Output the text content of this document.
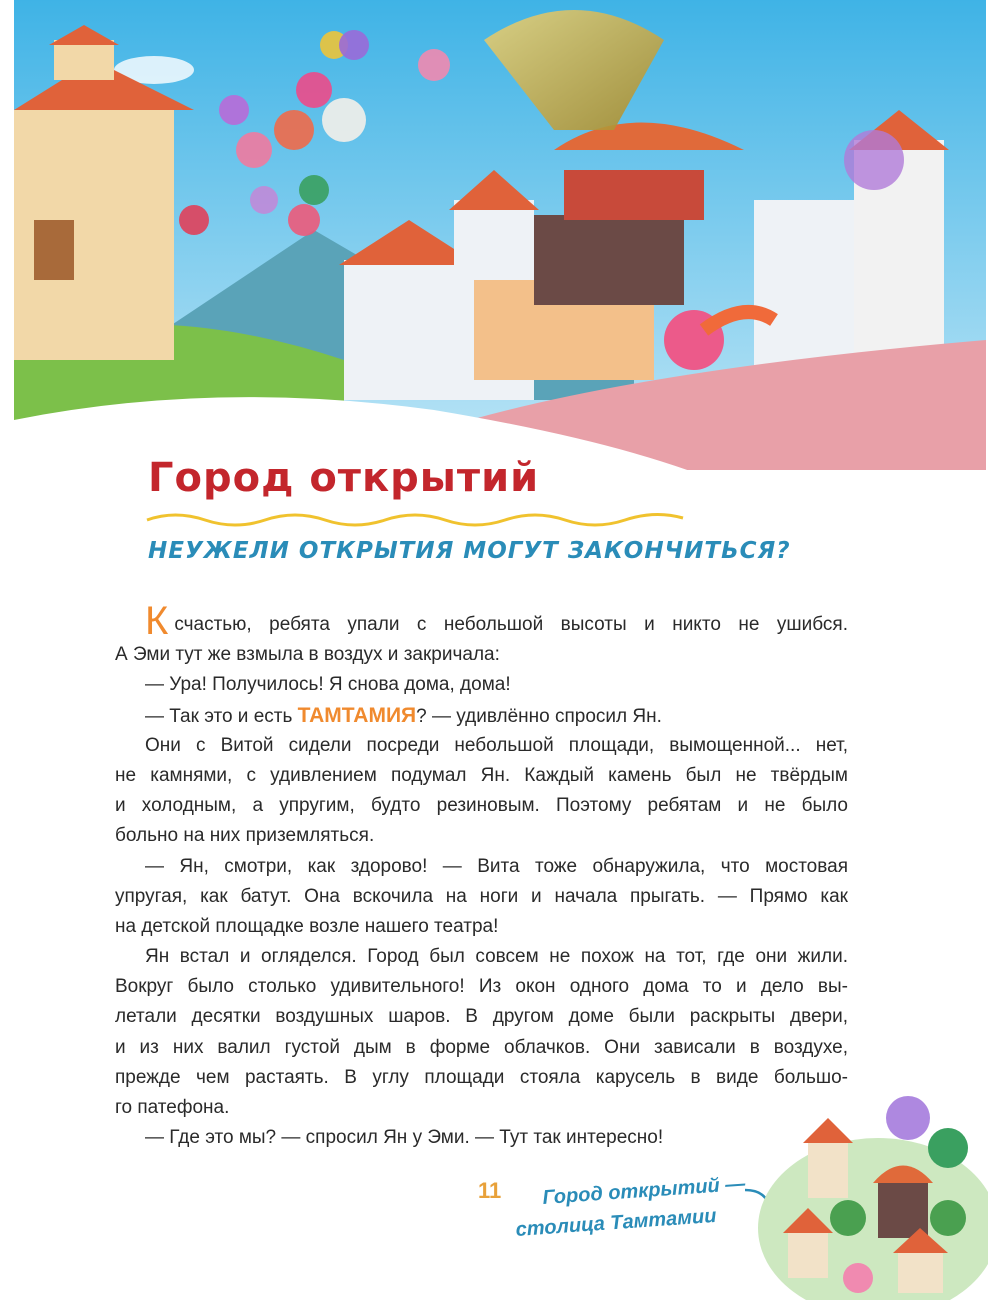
Город открытий
НЕУЖЕЛИ ОТКРЫТИЯ МОГУТ ЗАКОНЧИТЬСЯ?
Ксчастью, ребята упали с небольшой высоты и никто не ушибся.
А Эми тут же взмыла в воздух и закричала:
— Ура! Получилось! Я снова дома, дома!
— Так это и есть ТАМТАМИЯ? — удивлённо спросил Ян.
Они с Витой сидели посреди небольшой площади, вымощенной... нет,
не камнями, с удивлением подумал Ян. Каждый камень был не твёрдым
и холодным, а упругим, будто резиновым. Поэтому ребятам и не было
больно на них приземляться.
— Ян, смотри, как здорово! — Вита тоже обнаружила, что мостовая
упругая, как батут. Она вскочила на ноги и начала прыгать. — Прямо как
на детской площадке возле нашего театра!
Ян встал и огляделся. Город был совсем не похож на тот, где они жили.
Вокруг было столько удивительного! Из окон одного дома то и дело вы-
летали десятки воздушных шаров. В другом доме были раскрыты двери,
и из них валил густой дым в форме облачков. Они зависали в воздухе,
прежде чем растаять. В углу площади стояла карусель в виде большо-
го патефона.
— Где это мы? — спросил Ян у Эми. — Тут так интересно!
11	Город открытий —
столица Тамтамии
